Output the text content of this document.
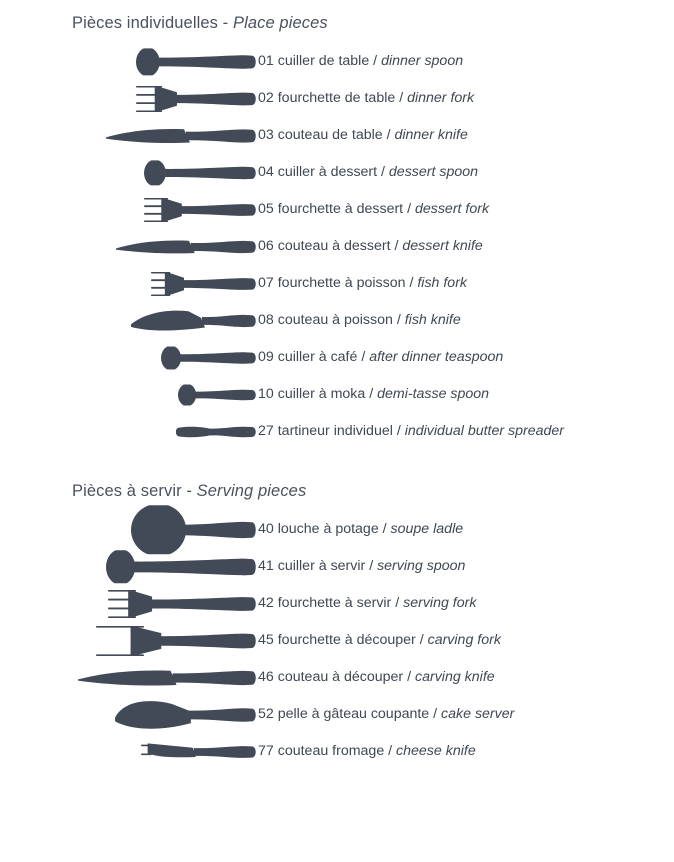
Pièces individuelles - Place pieces
01 cuiller de table / dinner spoon
02 fourchette de table / dinner fork
03 couteau de table / dinner knife
04 cuiller à dessert / dessert spoon
05 fourchette à dessert / dessert fork
06 couteau à dessert / dessert knife
07 fourchette à poisson / fish fork
08 couteau à poisson / fish knife
09 cuiller à café / after dinner teaspoon
10 cuiller à moka / demi-tasse spoon
27 tartineur individuel / individual butter spreader
Pièces à servir - Serving pieces
40 louche à potage / soupe ladle
41 cuiller à servir / serving spoon
42 fourchette à servir / serving fork
45 fourchette à découper / carving fork
46 couteau à découper / carving knife
52 pelle à gâteau coupante / cake server
77 couteau fromage / cheese knife
